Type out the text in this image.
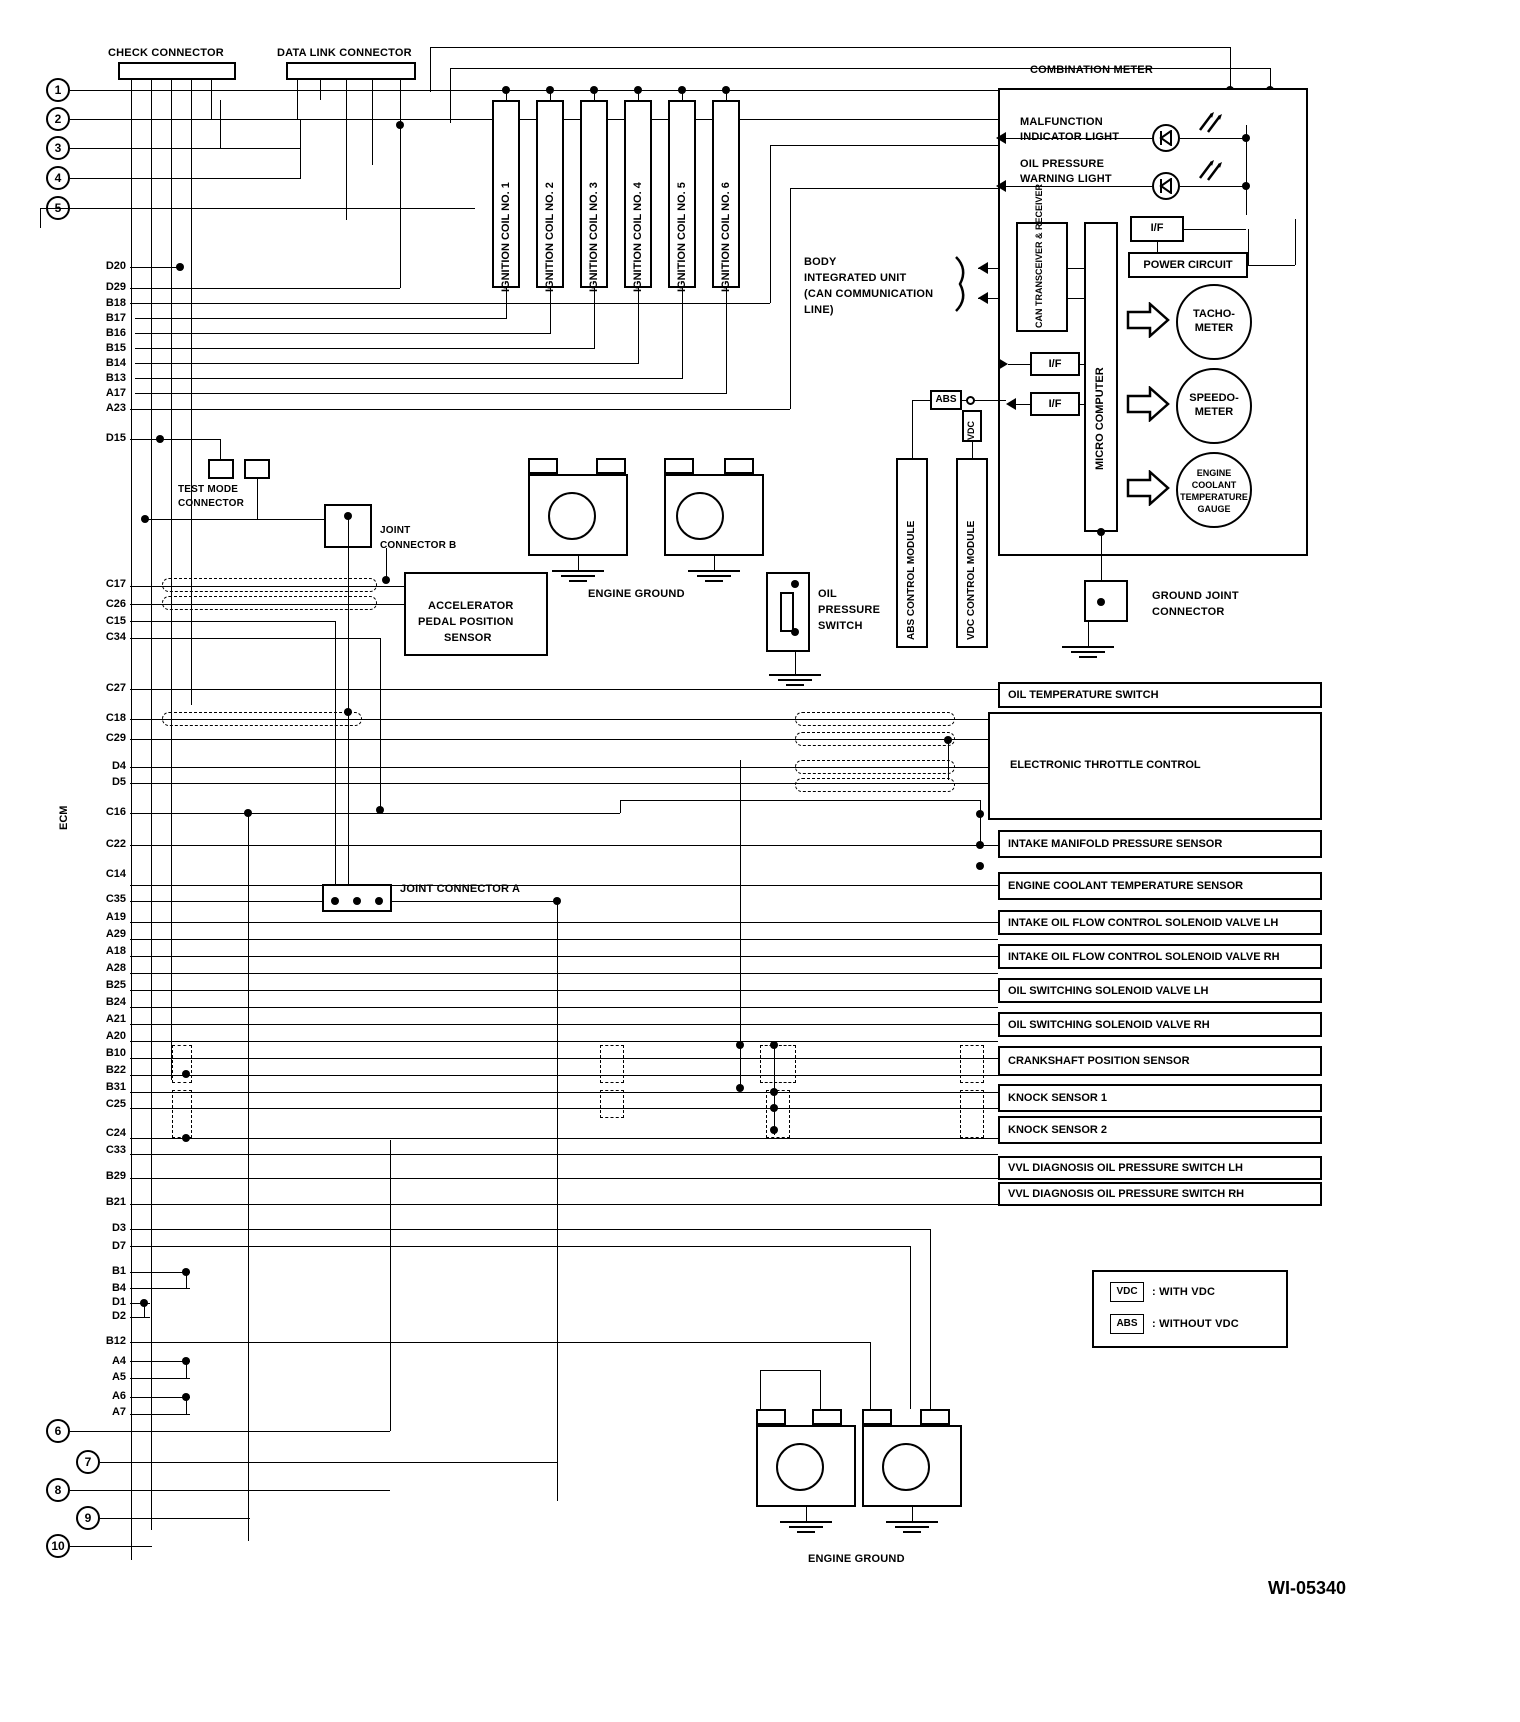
CHECK CONNECTOR	DATA LINK CONNECTOR
1
2
3
4
5	IGNITION COIL NO. 1	IGNITION COIL NO. 2	IGNITION COIL NO. 3	IGNITION COIL NO. 4	IGNITION COIL NO. 5	IGNITION COIL NO. 6
D20
D29
B18
B17
B16
B15
B14
B13
A17
A23
D15
C17
C26
C15
C34
C27
C18
C29
D4
D5
C16
C22
C14
C35
A19
A29
A18
A28
B25
B24
A21
A20
B10
B22
B31
C25
C24
C33
B29
B21
D3
D7
B1
B4
D1
D2
B12
A4
A5
A6
A7
ECM
TEST MODE
CONNECTOR
JOINT
CONNECTOR B
ACCELERATOR
PEDAL POSITION
SENSOR
ENGINE GROUND
BODY
INTEGRATED UNIT
(CAN COMMUNICATION
LINE)
COMBINATION METER
MALFUNCTION
INDICATOR LIGHT
OIL PRESSURE
WARNING LIGHT
I/F
POWER CIRCUIT
CAN TRANSCEIVER & RECEIVER
MICRO COMPUTER
I/F
I/F
ABS
VDC
ABS CONTROL MODULE	VDC CONTROL MODULE
TACHO-
METER
SPEEDO-
METER
ENGINE
COOLANT
TEMPERATURE
GAUGE
GROUND JOINT
CONNECTOR
OIL
PRESSURE
SWITCH
OIL TEMPERATURE SWITCH
ELECTRONIC THROTTLE CONTROL
INTAKE MANIFOLD PRESSURE SENSOR
ENGINE COOLANT TEMPERATURE SENSOR
INTAKE OIL FLOW CONTROL SOLENOID VALVE LH
INTAKE OIL FLOW CONTROL SOLENOID VALVE RH
OIL SWITCHING SOLENOID VALVE LH
OIL SWITCHING SOLENOID VALVE RH
CRANKSHAFT POSITION SENSOR
KNOCK SENSOR 1
KNOCK SENSOR 2
VVL DIAGNOSIS OIL PRESSURE SWITCH LH
VVL DIAGNOSIS OIL PRESSURE SWITCH RH
JOINT CONNECTOR A
VDC	: WITH VDC
ABS	: WITHOUT VDC
ENGINE GROUND
6
7
8
9
10
WI-05340
